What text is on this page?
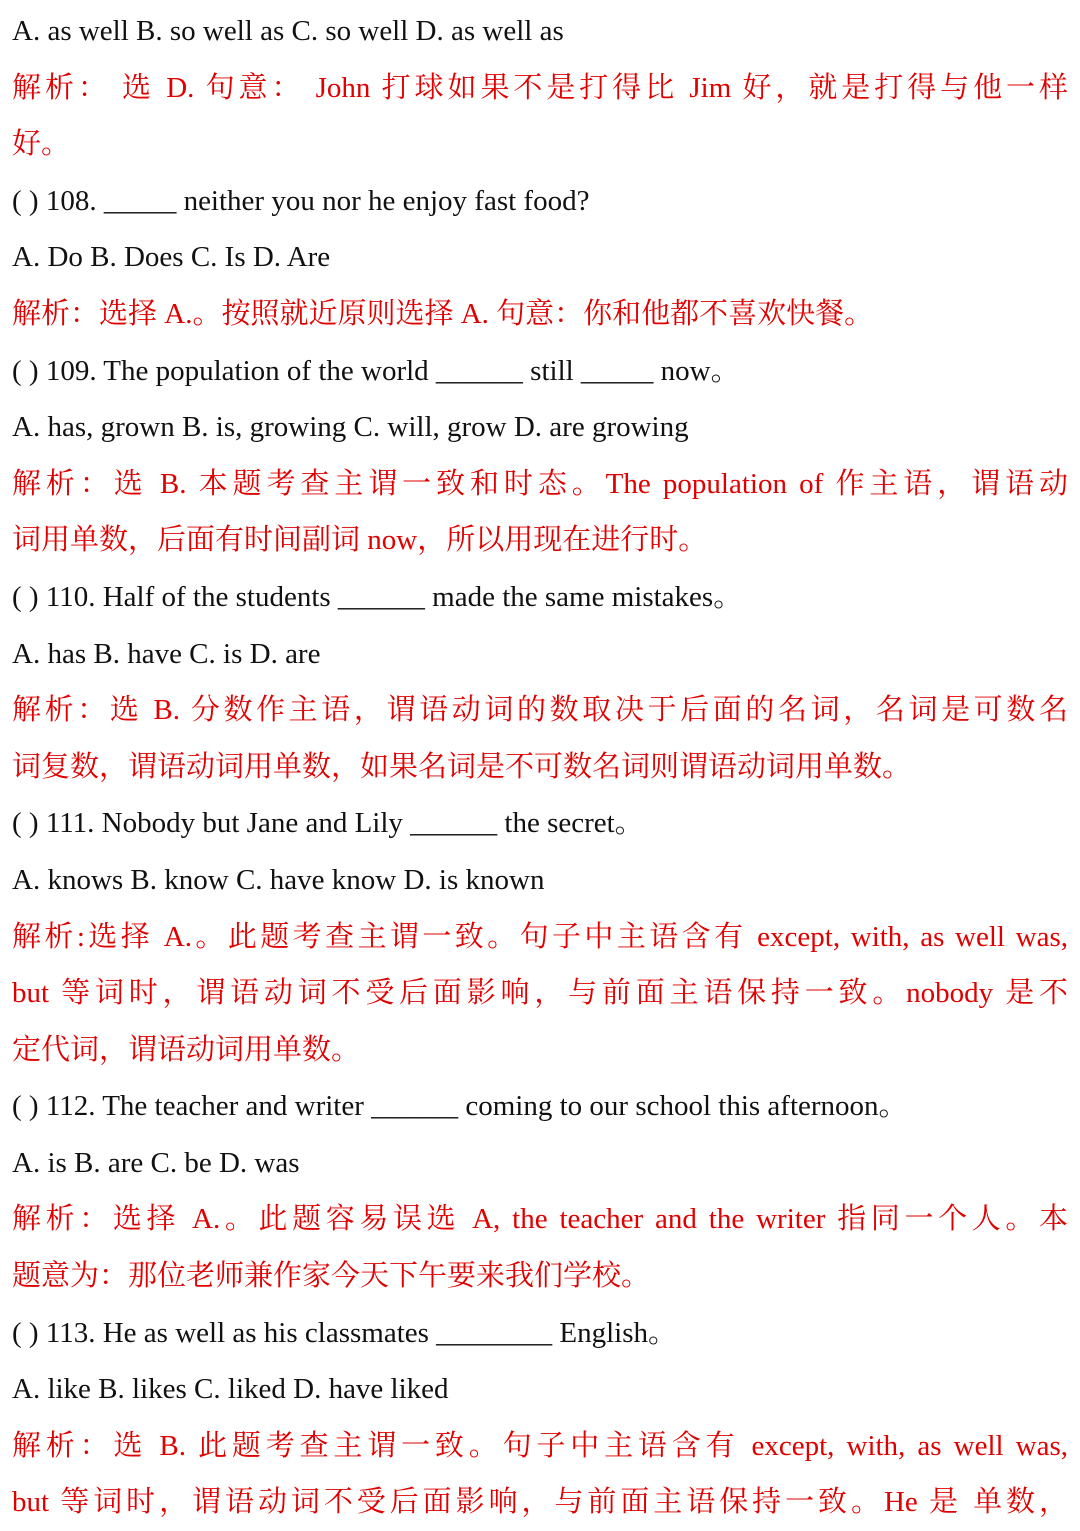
A. as well B. so well as C. so well D. as well as
解析： 选 D. 句意： John 打球如果不是打得比 Jim 好，就是打得与他一样
好。
( ) 108. _____ neither you nor he enjoy fast food?
A. Do B. Does C. Is D. Are
解析：选择 A.。按照就近原则选择 A. 句意：你和他都不喜欢快餐。
( ) 109. The population of the world ______ still _____ now。
A. has, grown B. is, growing C. will, grow D. are growing
解析：选 B. 本题考查主谓一致和时态。The population of 作主语，谓语动
词用单数，后面有时间副词 now，所以用现在进行时。
( ) 110. Half of the students ______ made the same mistakes。
A. has B. have C. is D. are
解析：选 B. 分数作主语，谓语动词的数取决于后面的名词，名词是可数名
词复数，谓语动词用单数，如果名词是不可数名词则谓语动词用单数。
( ) 111. Nobody but Jane and Lily ______ the secret。
A. knows B. know C. have know D. is known
解析:选择 A.。此题考查主谓一致。句子中主语含有 except, with, as well was,
but 等词时，谓语动词不受后面影响，与前面主语保持一致。nobody 是不
定代词，谓语动词用单数。
( ) 112. The teacher and writer ______ coming to our school this afternoon。
A. is B. are C. be D. was
解析：选择 A.。此题容易误选 A, the teacher and the writer 指同一个人。本
题意为：那位老师兼作家今天下午要来我们学校。
( ) 113. He as well as his classmates ________ English。
A. like B. likes C. liked D. have liked
解析：选 B. 此题考查主谓一致。句子中主语含有 except, with, as well was,
but 等词时，谓语动词不受后面影响，与前面主语保持一致。He 是 单数，
